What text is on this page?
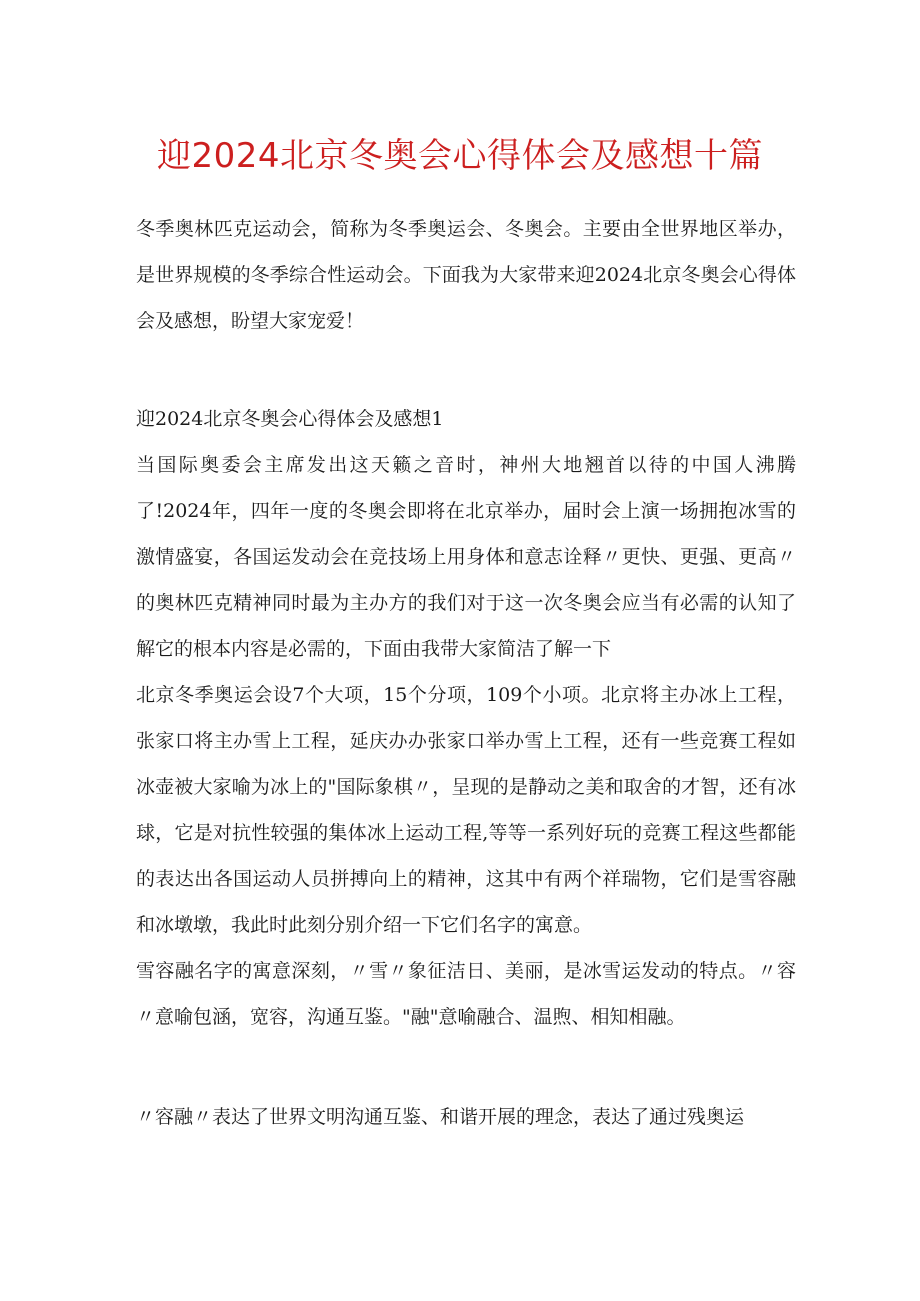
迎2024北京冬奥会心得体会及感想十篇

冬季奥林匹克运动会，简称为冬季奥运会、冬奥会。主要由全世界地区举办，是世界规模的冬季综合性运动会。下面我为大家带来迎2024北京冬奥会心得体会及感想，盼望大家宠爱！

迎2024北京冬奥会心得体会及感想1

当国际奥委会主席发出这天籁之音时，神州大地翘首以待的中国人沸腾了!2024年，四年一度的冬奥会即将在北京举办，届时会上演一场拥抱冰雪的激情盛宴，各国运发动会在竞技场上用身体和意志诠释〃更快、更强、更高〃的奥林匹克精神同时最为主办方的我们对于这一次冬奥会应当有必需的认知了解它的根本内容是必需的，下面由我带大家简洁了解一下

北京冬季奥运会设7个大项，15个分项，109个小项。北京将主办冰上工程，张家口将主办雪上工程，延庆办办张家口举办雪上工程，还有一些竞赛工程如冰壶被大家喻为冰上的"国际象棋〃，呈现的是静动之美和取舍的才智，还有冰球，它是对抗性较强的集体冰上运动工程,等等一系列好玩的竞赛工程这些都能的表达出各国运动人员拼搏向上的精神，这其中有两个祥瑞物，它们是雪容融和冰墩墩，我此时此刻分别介绍一下它们名字的寓意。

雪容融名字的寓意深刻，〃雪〃象征洁日、美丽，是冰雪运发动的特点。〃容〃意喻包涵，宽容，沟通互鉴。"融"意喻融合、温煦、相知相融。

〃容融〃表达了世界文明沟通互鉴、和谐开展的理念，表达了通过残奥运
